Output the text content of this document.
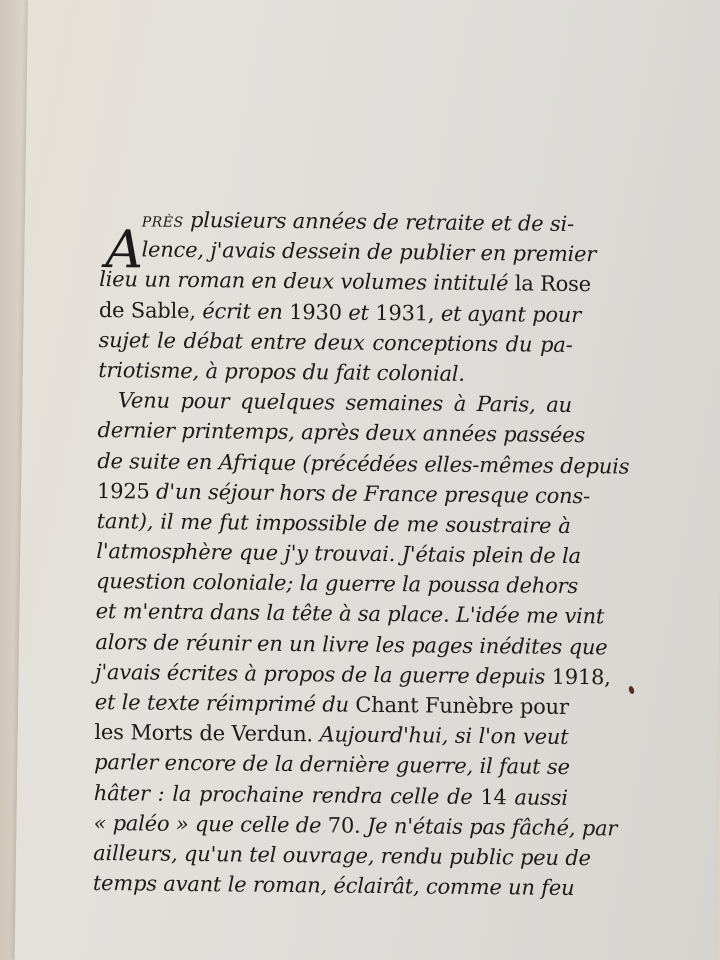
A
PRÈS plusieurs années de retraite et de si-
lence, j'avais dessein de publier en premier
lieu un roman en deux volumes intitulé la Rose
de Sable, écrit en 1930 et 1931, et ayant pour
sujet le débat entre deux conceptions du pa-
triotisme, à propos du fait colonial.
Venu pour quelques semaines à Paris, au
dernier printemps, après deux années passées
de suite en Afrique (précédées elles-mêmes depuis
1925 d'un séjour hors de France presque cons-
tant), il me fut impossible de me soustraire à
l'atmosphère que j'y trouvai. J'étais plein de la
question coloniale; la guerre la poussa dehors
et m'entra dans la tête à sa place. L'idée me vint
alors de réunir en un livre les pages inédites que
j'avais écrites à propos de la guerre depuis 1918,
et le texte réimprimé du Chant Funèbre pour
les Morts de Verdun. Aujourd'hui, si l'on veut
parler encore de la dernière guerre, il faut se
hâter : la prochaine rendra celle de 14 aussi
« paléo » que celle de 70. Je n'étais pas fâché, par
ailleurs, qu'un tel ouvrage, rendu public peu de
temps avant le roman, éclairât, comme un feu
